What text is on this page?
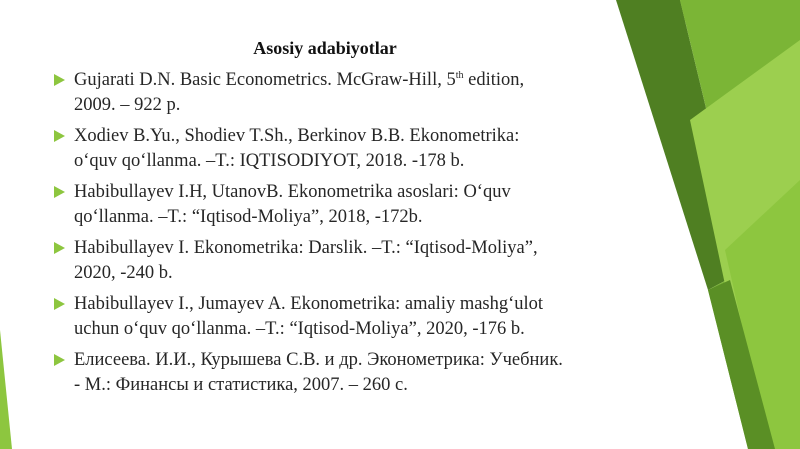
Asosiy adabiyotlar
Gujarati D.N. Basic Econometrics. McGraw-Hill, 5th edition,
2009. – 922 p.
Xodiev B.Yu., Shodiev T.Sh., Berkinov B.B. Ekonometrika:
o‘quv qo‘llanma. –T.: IQTISODIYOT, 2018. -178 b.
Habibullayev I.H, UtanovB. Ekonometrika asoslari: O‘quv
qo‘llanma. –T.: “Iqtisod-Moliya”, 2018, -172b.
Habibullayev I. Ekonometrika: Darslik. –T.: “Iqtisod-Moliya”,
2020, -240 b.
Habibullayev I., Jumayev A. Ekonometrika: amaliy mashg‘ulot
uchun o‘quv qo‘llanma. –T.: “Iqtisod-Moliya”, 2020, -176 b.
Елисеева. И.И., Курышева С.В. и др. Эконометрика: Учебник.
- М.: Финансы и статистика, 2007. – 260 с.
